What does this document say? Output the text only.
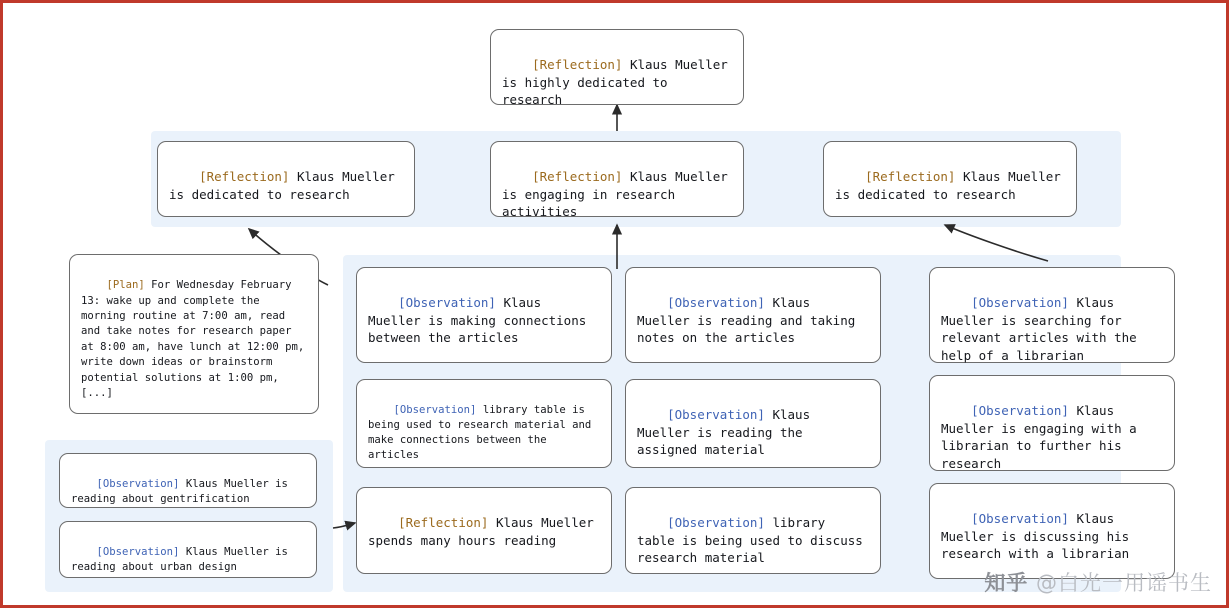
[Reflection] Klaus Mueller is highly dedicated to research

[Reflection] Klaus Mueller is dedicated to research

[Reflection] Klaus Mueller is engaging in research activities

[Reflection] Klaus Mueller is dedicated to research

[Plan] For Wednesday February 13: wake up and complete the morning routine at 7:00 am, read and take notes for research paper at 8:00 am, have lunch at 12:00 pm, write down ideas or brainstorm potential solutions at 1:00 pm, [...]

[Observation] Klaus Mueller is reading about gentrification

[Observation] Klaus Mueller is reading about urban design

[Observation] Klaus Mueller is making connections between the articles

[Observation] library table is being used to research material and make connections between the articles

[Reflection] Klaus Mueller spends many hours reading

[Observation] Klaus Mueller is reading and taking notes on the articles

[Observation] Klaus Mueller is reading the assigned material

[Observation] library table is being used to discuss research material

[Observation] Klaus Mueller is searching for relevant articles with the help of a librarian

[Observation] Klaus Mueller is engaging with a librarian to further his research

[Observation] Klaus Mueller is discussing his research with a librarian

知乎 @白光一用谣书生
